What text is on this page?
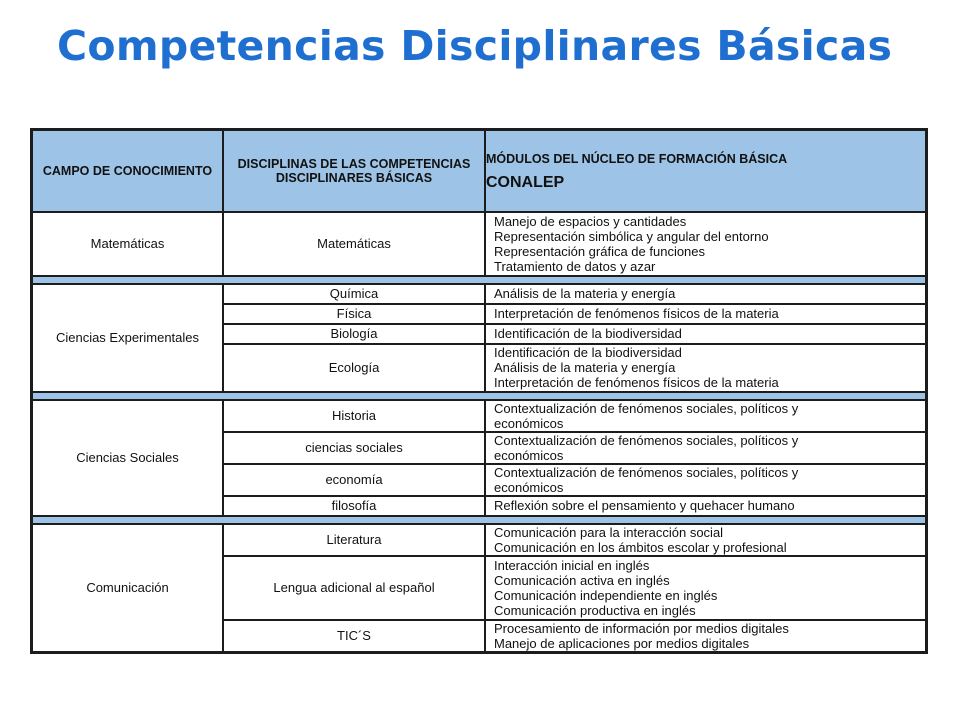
Competencias Disciplinares Básicas
CAMPO DE CONOCIMIENTO	DISCIPLINAS DE LAS COMPETENCIAS DISCIPLINARES BÁSICAS	MÓDULOS DEL NÚCLEO DE FORMACIÓN BÁSICA
CONALEP

Matemáticas	Matemáticas	Manejo de espacios y cantidades
Representación simbólica y angular del entorno
Representación gráfica de funciones
Tratamiento de datos y azar

Ciencias Experimentales	Química	Análisis de la materia y energía

	Física	Interpretación de fenómenos físicos de la materia

	Biología	Identificación de la biodiversidad

	Ecología	Identificación de la biodiversidad
Análisis de la materia y energía
Interpretación de fenómenos físicos de la materia

Ciencias Sociales	Historia	Contextualización de fenómenos sociales, políticos y
económicos

	ciencias sociales	Contextualización de fenómenos sociales, políticos y
económicos

	economía	Contextualización de fenómenos sociales, políticos y
económicos

	filosofía	Reflexión sobre el pensamiento y quehacer humano

Comunicación	Literatura	Comunicación para la interacción social
Comunicación en los ámbitos escolar y profesional

	Lengua adicional al español	Interacción inicial en inglés
Comunicación activa en inglés
Comunicación independiente en inglés
Comunicación productiva en inglés

	TIC´S	Procesamiento de información por medios digitales
Manejo de aplicaciones por medios digitales
